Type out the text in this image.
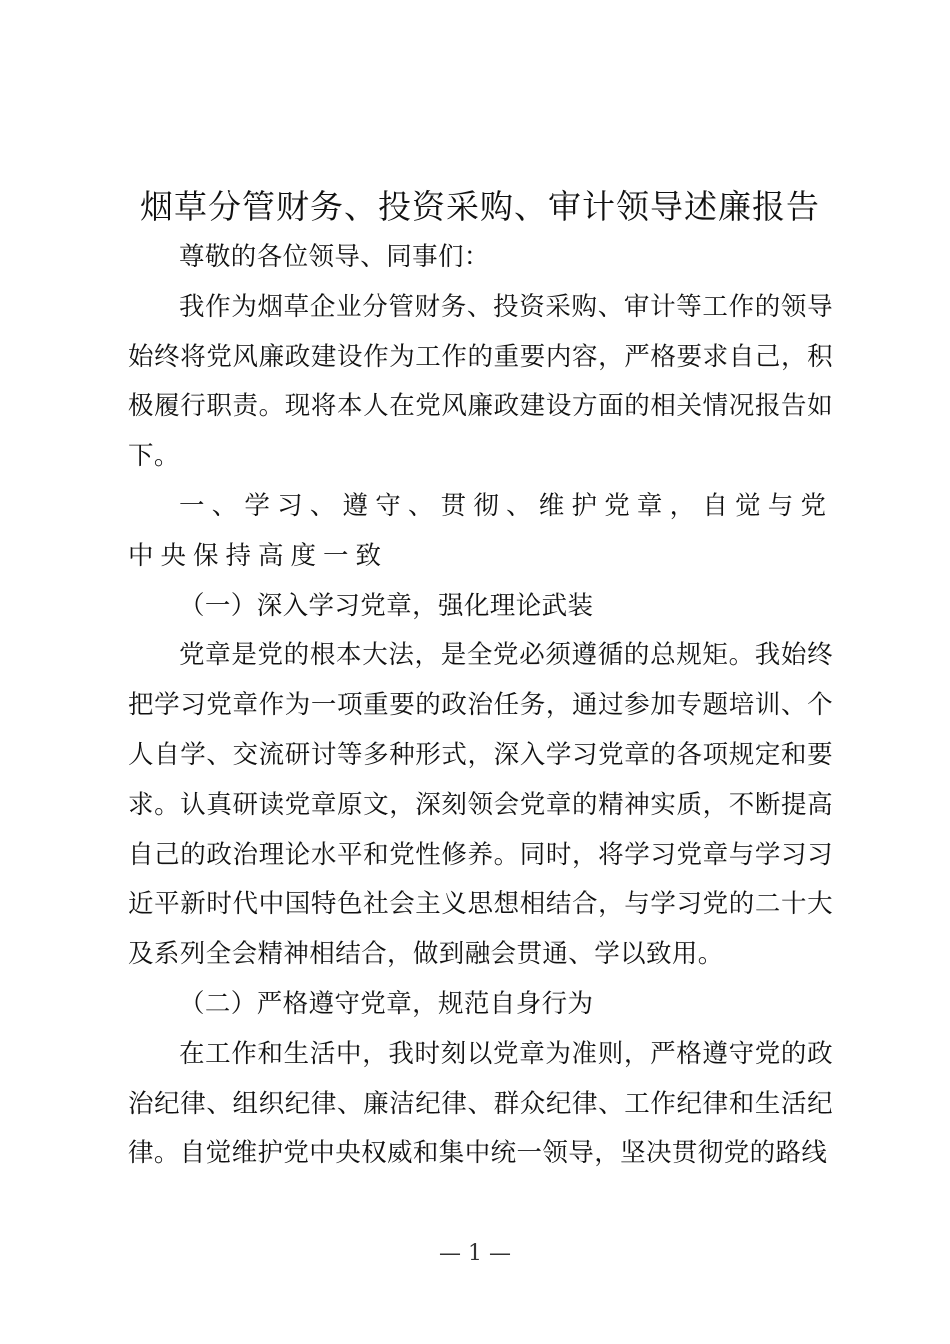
烟草分管财务、投资采购、审计领导述廉报告

尊敬的各位领导、同事们：

我作为烟草企业分管财务、投资采购、审计等工作的领导始终将党风廉政建设作为工作的重要内容，严格要求自己，积极履行职责。现将本人在党风廉政建设方面的相关情况报告如下。

一、学习、遵守、贯彻、维护党章，自觉与党中央保持高度一致

（一）深入学习党章，强化理论武装

党章是党的根本大法，是全党必须遵循的总规矩。我始终把学习党章作为一项重要的政治任务，通过参加专题培训、个人自学、交流研讨等多种形式，深入学习党章的各项规定和要求。认真研读党章原文，深刻领会党章的精神实质，不断提高自己的政治理论水平和党性修养。同时，将学习党章与学习习近平新时代中国特色社会主义思想相结合，与学习党的二十大及系列全会精神相结合，做到融会贯通、学以致用。

（二）严格遵守党章，规范自身行为

在工作和生活中，我时刻以党章为准则，严格遵守党的政治纪律、组织纪律、廉洁纪律、群众纪律、工作纪律和生活纪律。自觉维护党中央权威和集中统一领导，坚决贯彻党的路线

— 1 —
